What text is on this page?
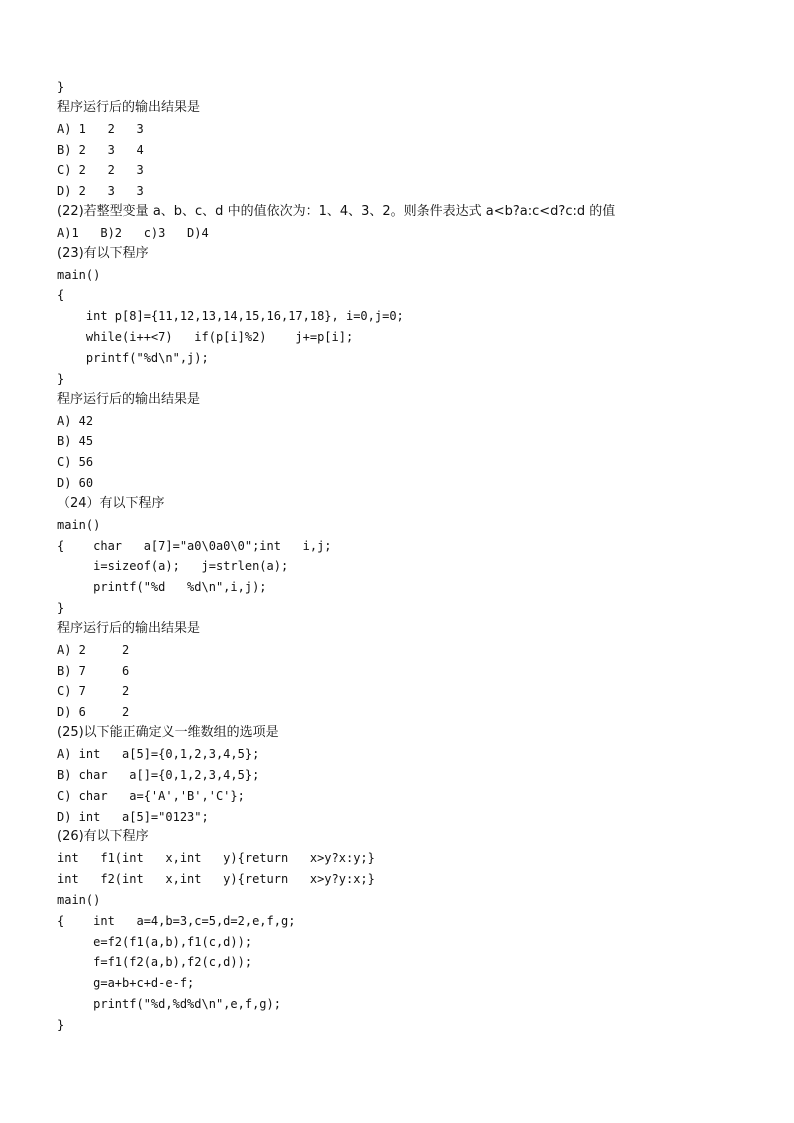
}
程序运行后的输出结果是
A) 1   2   3
B) 2   3   4
C) 2   2   3
D) 2   3   3
(22)若整型变量 a、b、c、d 中的值依次为：1、4、3、2。则条件表达式 a<b?a:c<d?c:d 的值
A)1   B)2   c)3   D)4
(23)有以下程序
main()
{
int p[8]={11,12,13,14,15,16,17,18}, i=0,j=0;
while(i++<7)   if(p[i]%2)    j+=p[i];
printf("%d\n",j);
}
程序运行后的输出结果是
A) 42
B) 45
C) 56
D) 60
（24）有以下程序
main()
{    char   a[7]="a0\0a0\0";int   i,j;
i=sizeof(a);   j=strlen(a);
printf("%d   %d\n",i,j);
}
程序运行后的输出结果是
A) 2     2
B) 7     6
C) 7     2
D) 6     2
(25)以下能正确定义一维数组的选项是
A) int   a[5]={0,1,2,3,4,5};
B) char   a[]={0,1,2,3,4,5};
C) char   a={'A','B','C'};
D) int   a[5]="0123";
(26)有以下程序
int   f1(int   x,int   y){return   x>y?x:y;}
int   f2(int   x,int   y){return   x>y?y:x;}
main()
{    int   a=4,b=3,c=5,d=2,e,f,g;
e=f2(f1(a,b),f1(c,d));
f=f1(f2(a,b),f2(c,d));
g=a+b+c+d-e-f;
printf("%d,%d%d\n",e,f,g);
}
